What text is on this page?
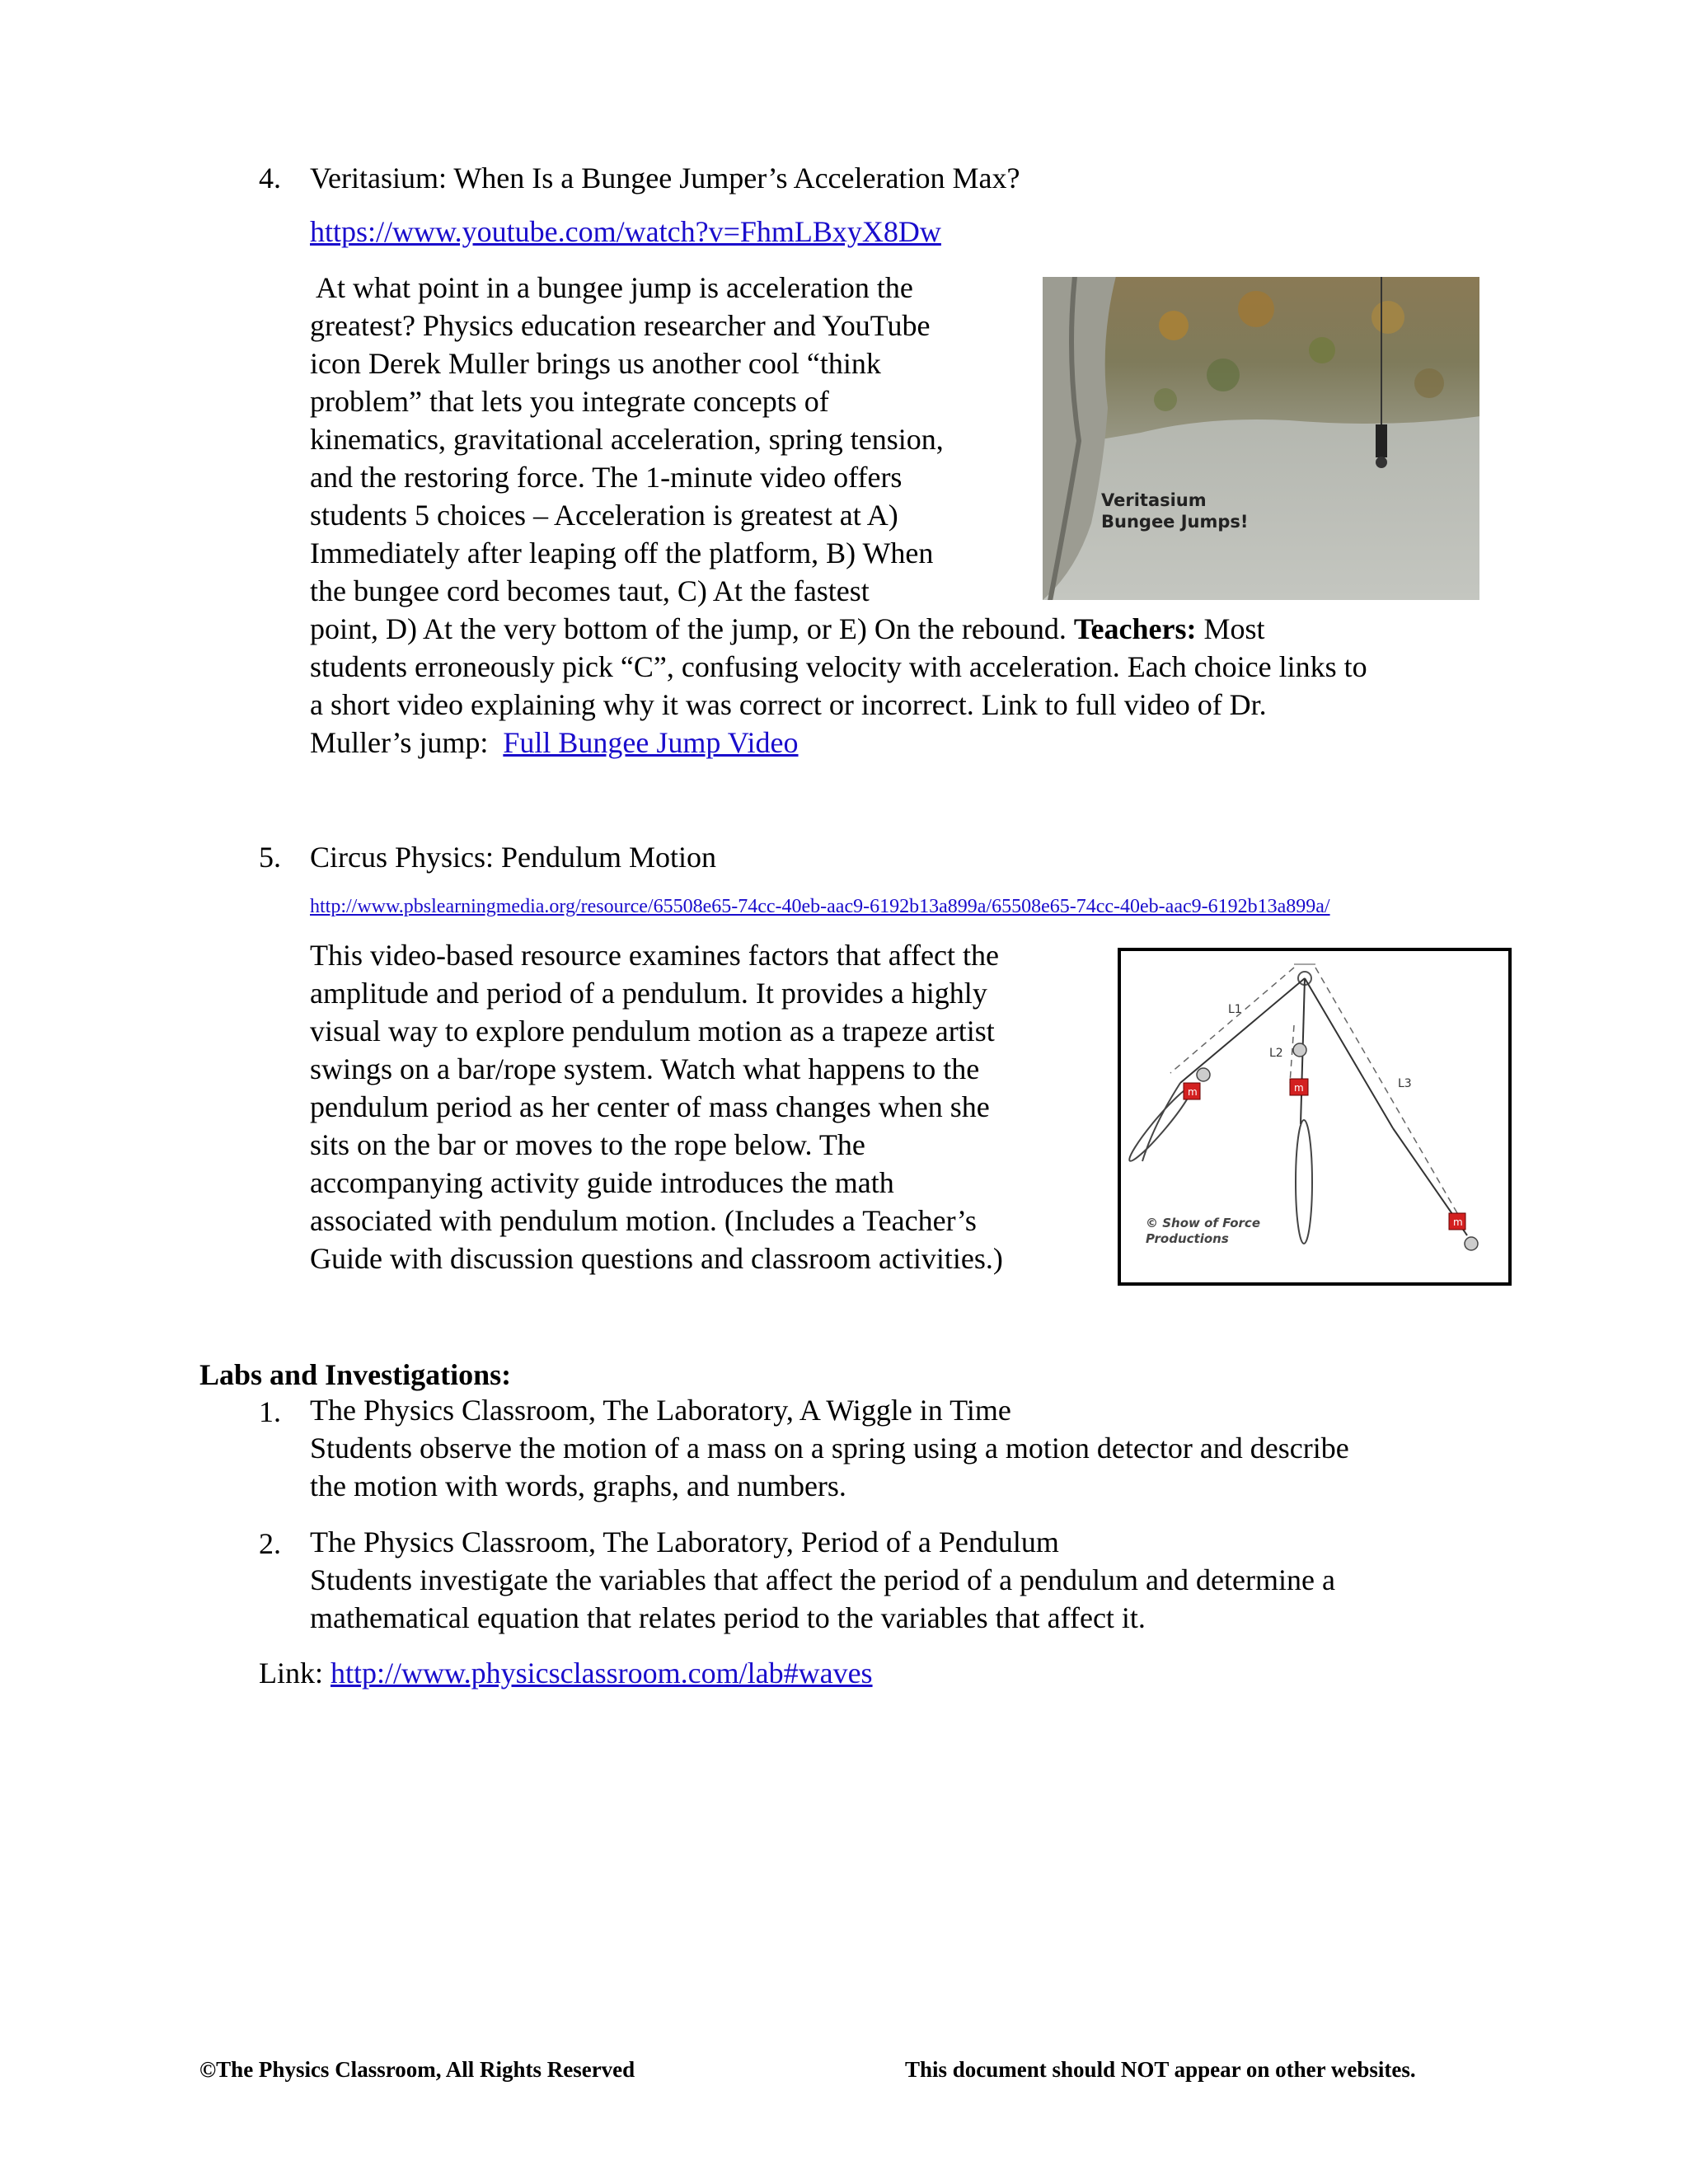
4. Veritasium: When Is a Bungee Jumper’s Acceleration Max?
https://www.youtube.com/watch?v=FhmLBxyX8Dw

At what point in a bungee jump is acceleration the

greatest? Physics education researcher and YouTube

icon Derek Muller brings us another cool “think

problem” that lets you integrate concepts of

kinematics, gravitational acceleration, spring tension,

and the restoring force. The 1-minute video offers

students 5 choices – Acceleration is greatest at A)

Immediately after leaping off the platform, B) When

the bungee cord becomes taut, C) At the fastest

point, D) At the very bottom of the jump, or E) On the rebound. Teachers: Most

students erroneously pick “C”, confusing velocity with acceleration. Each choice links to

a short video explaining why it was correct or incorrect. Link to full video of Dr.

Muller’s jump:  Full Bungee Jump Video

Veritasium
Bungee Jumps!
5. Circus Physics: Pendulum Motion
http://www.pbslearningmedia.org/resource/65508e65-74cc-40eb-aac9-6192b13a899a/65508e65-74cc-40eb-aac9-6192b13a899a/

This video-based resource examines factors that affect the

amplitude and period of a pendulum. It provides a highly

visual way to explore pendulum motion as a trapeze artist

swings on a bar/rope system. Watch what happens to the

pendulum period as her center of mass changes when she

sits on the bar or moves to the rope below. The

accompanying activity guide introduces the math

associated with pendulum motion. (Includes a Teacher’s

Guide with discussion questions and classroom activities.)

m	m
m
L1
L2
L3
© Show of Force
Productions
Labs and Investigations:
1. The Physics Classroom, The Laboratory, A Wiggle in Time

Students observe the motion of a mass on a spring using a motion detector and describe

the motion with words, graphs, and numbers.

2. The Physics Classroom, The Laboratory, Period of a Pendulum

Students investigate the variables that affect the period of a pendulum and determine a

mathematical equation that relates period to the variables that affect it.

Link: http://www.physicsclassroom.com/lab#waves
©The Physics Classroom, All Rights Reserved	This document should NOT appear on other websites.
